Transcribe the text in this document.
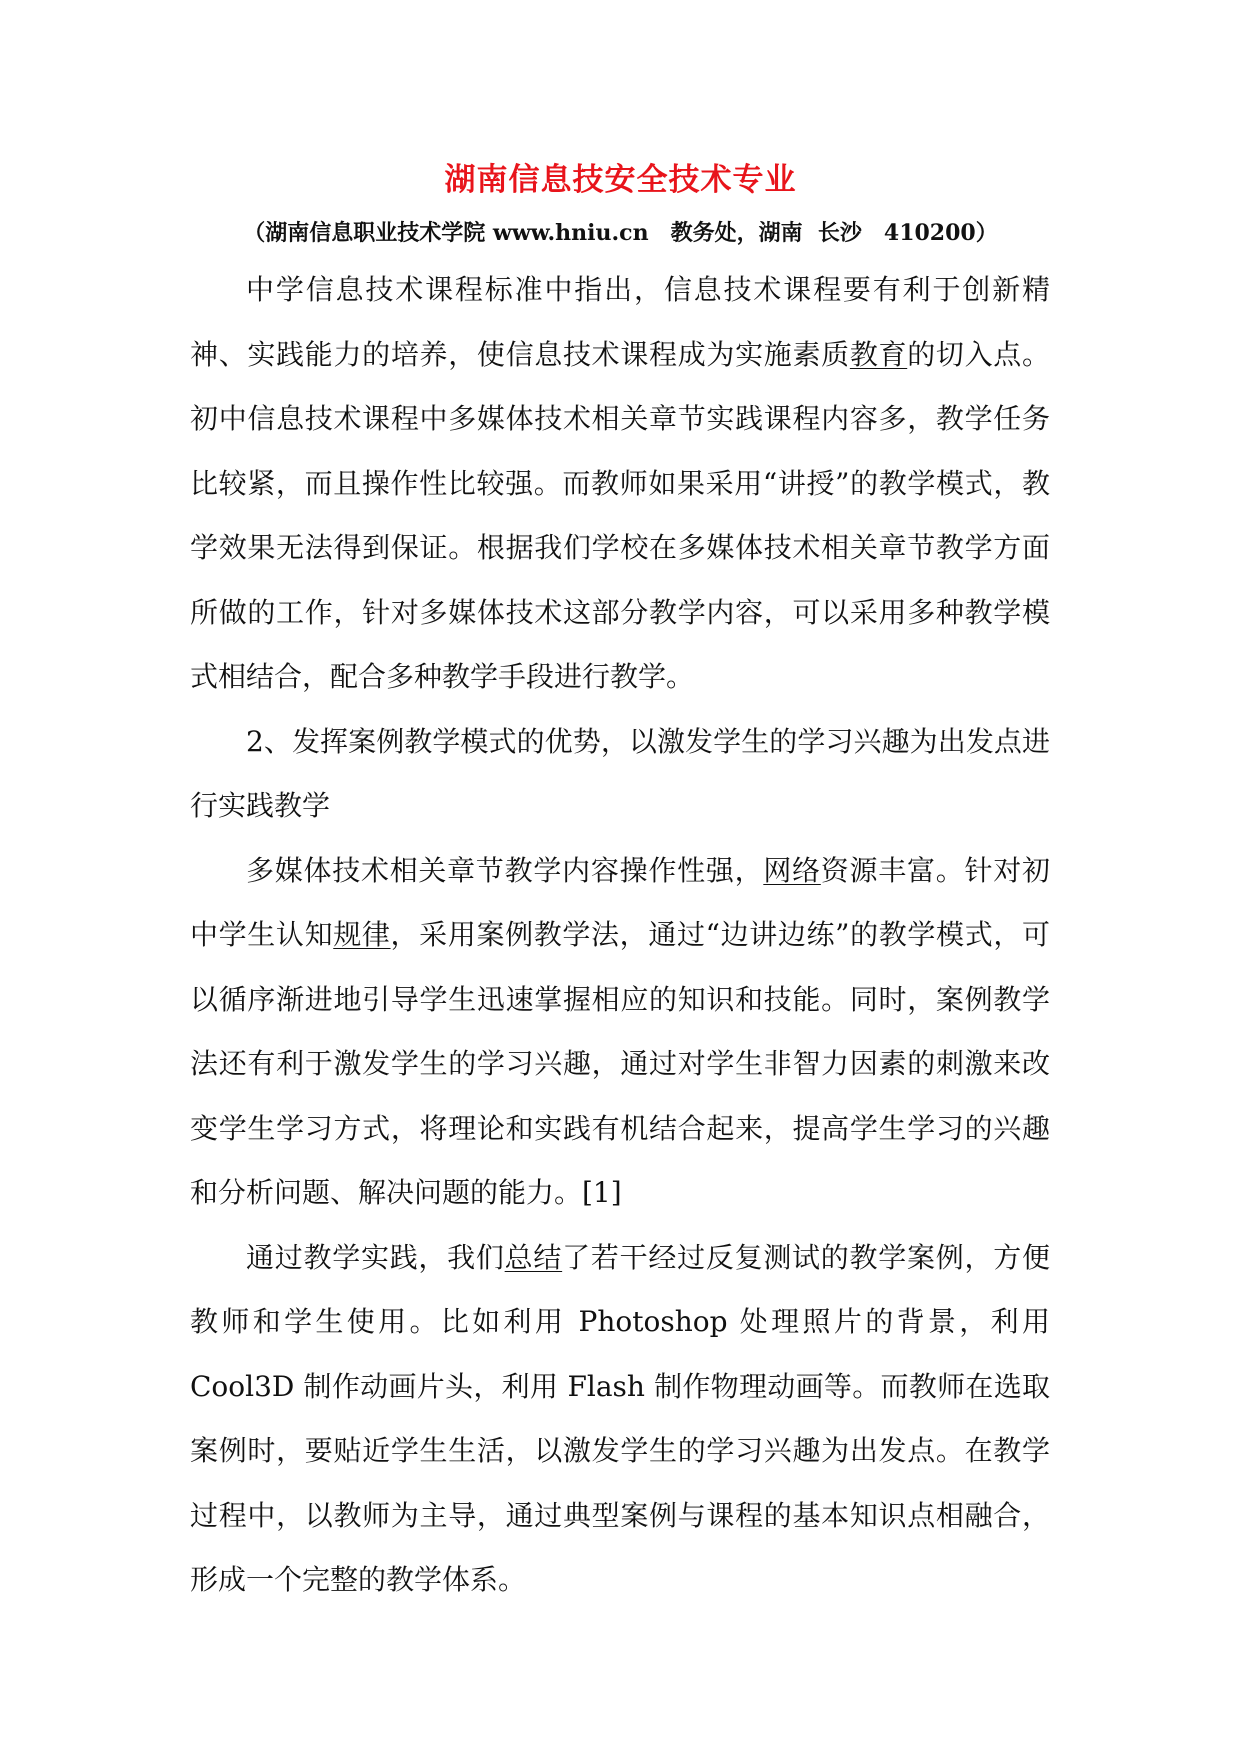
湖南信息技安全技术专业
（湖南信息职业技术学院 www.hniu.cn　教务处，湖南  长沙　410200）

中学信息技术课程标准中指出，信息技术课程要有利于创新精神、实践能力的培养，使信息技术课程成为实施素质教育的切入点。初中信息技术课程中多媒体技术相关章节实践课程内容多，教学任务比较紧，而且操作性比较强。而教师如果采用“讲授”的教学模式，教学效果无法得到保证。根据我们学校在多媒体技术相关章节教学方面所做的工作，针对多媒体技术这部分教学内容，可以采用多种教学模式相结合，配合多种教学手段进行教学。

2、发挥案例教学模式的优势，以激发学生的学习兴趣为出发点进行实践教学

多媒体技术相关章节教学内容操作性强，网络资源丰富。针对初中学生认知规律，采用案例教学法，通过“边讲边练”的教学模式，可以循序渐进地引导学生迅速掌握相应的知识和技能。同时，案例教学法还有利于激发学生的学习兴趣，通过对学生非智力因素的刺激来改变学生学习方式，将理论和实践有机结合起来，提高学生学习的兴趣和分析问题、解决问题的能力。[1]

通过教学实践，我们总结了若干经过反复测试的教学案例，方便教师和学生使用。比如利用 Photoshop 处理照片的背景，利用 Cool3D 制作动画片头，利用 Flash 制作物理动画等。而教师在选取案例时，要贴近学生生活，以激发学生的学习兴趣为出发点。在教学过程中，以教师为主导，通过典型案例与课程的基本知识点相融合，形成一个完整的教学体系。
